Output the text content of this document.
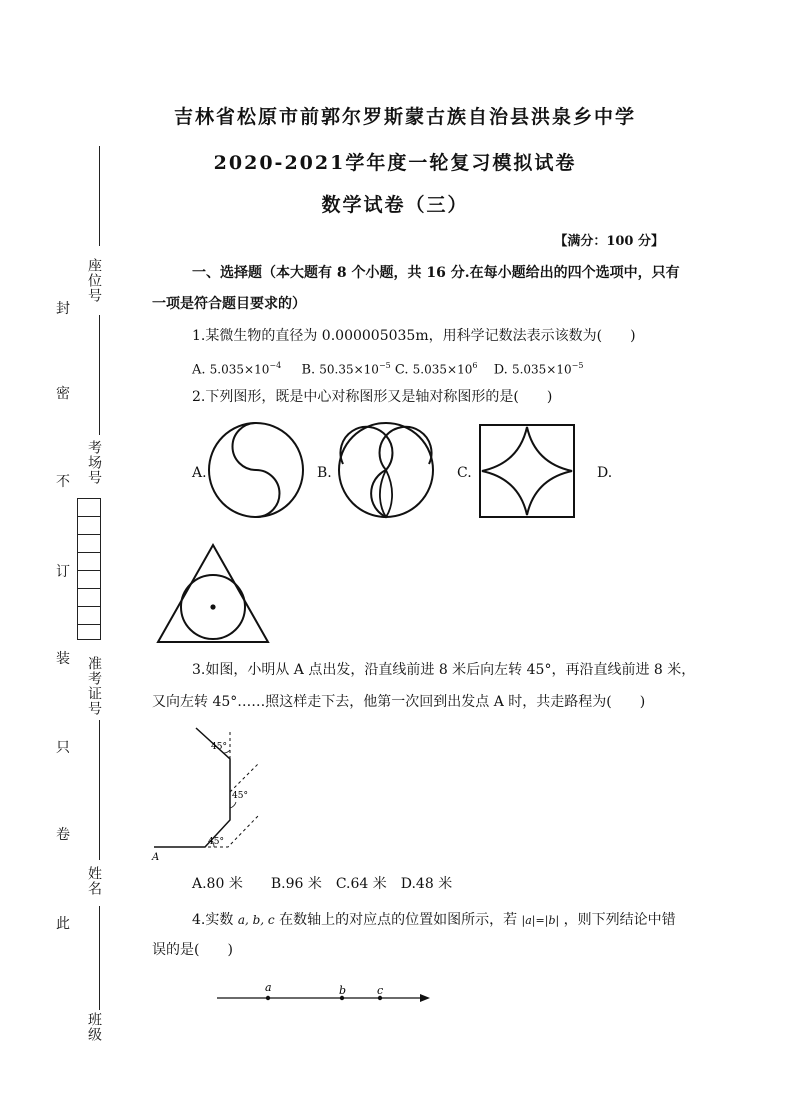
座位号
考场号
准考证号
姓名
班级
封
密
不
订
装
只
卷
此
吉林省松原市前郭尔罗斯蒙古族自治县洪泉乡中学
2020-2021学年度一轮复习模拟试卷
数学试卷（三）
【满分：100 分】
一、选择题（本大题有 8 个小题，共 16 分.在每小题给出的四个选项中，只有
一项是符合题目要求的）
1.某微生物的直径为 0.000005035m，用科学记数法表示该数为(　　)
A. $5.035\times 10^{-4}$ B. $50.35\times 10^{-5}$ C. $5.035\times 10^6$ D. $5.035\times 10^{-5}$
2.下列图形，既是中心对称图形又是轴对称图形的是(　　)
A.	B.	C.	D.
3.如图，小明从 A 点出发，沿直线前进 8 米后向左转 45°，再沿直线前进 8 米，
又向左转 45°……照这样走下去，他第一次回到出发点 A 时，共走路程为(　　)
45°
45°
45°
A
A.80 米　　B.96 米　C.64 米　D.48 米
4.实数 a, b, c 在数轴上的对应点的位置如图所示，若 |a|=|b| ，则下列结论中错
误的是(　　)
a	b	c
